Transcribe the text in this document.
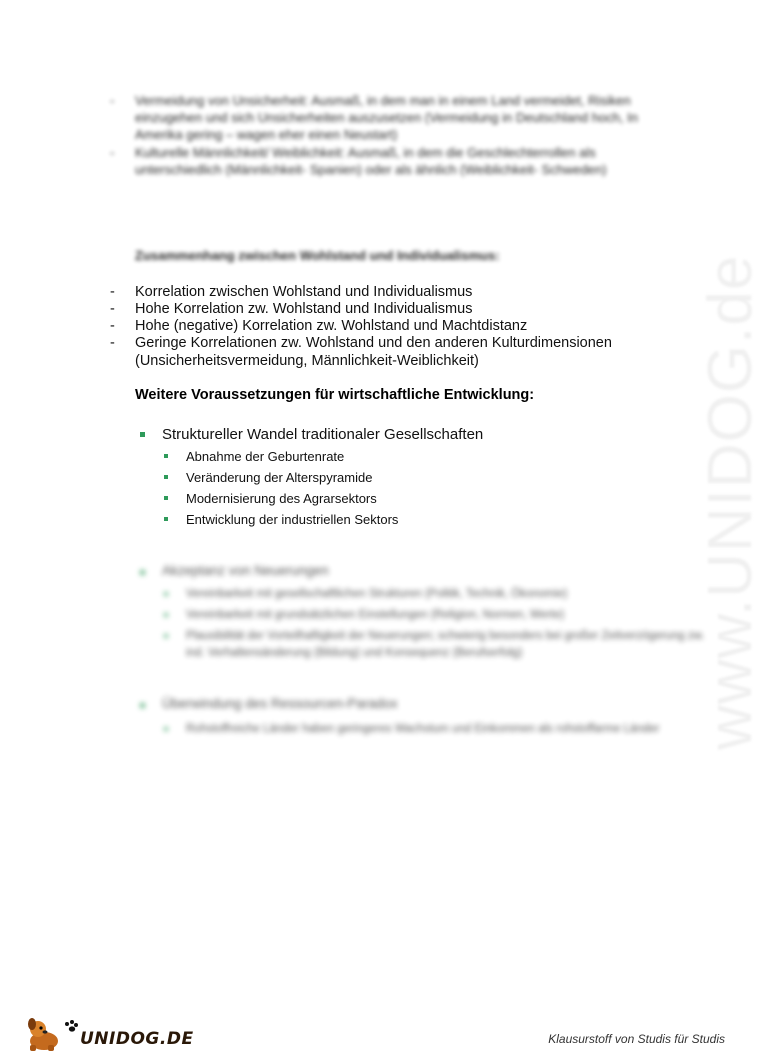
www.UNIDOG.de
-	Vermeidung von Unsicherheit: Ausmaß, in dem man in einem Land vermeidet, Risiken einzugehen und sich Unsicherheiten auszusetzen (Vermeidung in Deutschland hoch, In Amerika gering – wagen eher einen Neustart)
-	Kulturelle Männlichkeit/ Weiblichkeit: Ausmaß, in dem die Geschlechterrollen als unterschiedlich (Männlichkeit- Spanien) oder als ähnlich (Weiblichkeit- Schweden)
Zusammenhang zwischen Wohlstand und Individualismus:
- Korrelation zwischen Wohlstand und Individualismus
- Hohe Korrelation zw. Wohlstand und Individualismus
- Hohe (negative) Korrelation zw. Wohlstand und Machtdistanz
- Geringe Korrelationen zw. Wohlstand und den anderen Kulturdimensionen (Unsicherheitsvermeidung, Männlichkeit-Weiblichkeit)
Weitere Voraussetzungen für wirtschaftliche Entwicklung:
Struktureller Wandel traditionaler Gesellschaften
Abnahme der Geburtenrate
Veränderung der Alterspyramide
Modernisierung des Agrarsektors
Entwicklung der industriellen Sektors
Akzeptanz von Neuerungen
Vereinbarkeit mit gesellschaftlichen Strukturen (Politik, Technik, Ökonomie)
Vereinbarkeit mit grundsätzlichen Einstellungen (Religion, Normen, Werte)
Plausibilität der Vorteilhaftigkeit der Neuerungen; schwierig besonders bei großer Zeitverzögerung zw. ind. Verhaltensänderung (Bildung) und Konsequenz (Berufserfolg)
Überwindung des Ressourcen-Paradox
Rohstoffreiche Länder haben geringeres Wachstum und Einkommen als rohstoffarme Länder
UNIDOG.DE	Klausurstoff von Studis für Studis
